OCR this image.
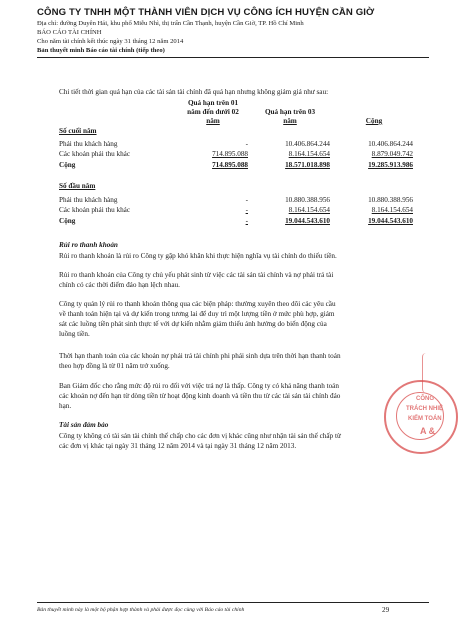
CÔNG TY TNHH MỘT THÀNH VIÊN DỊCH VỤ CÔNG ÍCH HUYỆN CẦN GIỜ
Địa chỉ: đường Duyên Hải, khu phố Miễu Nhì, thị trấn Cần Thạnh, huyện Cần Giờ, TP. Hồ Chí Minh
BÁO CÁO TÀI CHÍNH
Cho năm tài chính kết thúc ngày 31 tháng 12 năm 2014
Bản thuyết minh Báo cáo tài chính (tiếp theo)
Chi tiết thời gian quá hạn của các tài sản tài chính đã quá hạn nhưng không giảm giá như sau:
Quá hạn trên 01
năm đến dưới 02
năm
Quá hạn trên 03
năm	Cộng
Số cuối năm
Phải thu khách hàng	-	10.406.864.244	10.406.864.244
Các khoản phải thu khác	714.895.088	8.164.154.654	8.879.049.742
Cộng	714.895.088	18.571.018.898	19.285.913.986
Số đầu năm
Phải thu khách hàng	-	10.880.388.956	10.880.388.956
Các khoản phải thu khác	-	8.164.154.654	8.164.154.654
Cộng	-	19.044.543.610	19.044.543.610
Rủi ro thanh khoản
Rủi ro thanh khoản là rủi ro Công ty gặp khó khăn khi thực hiện nghĩa vụ tài chính do thiếu tiền.
Rủi ro thanh khoản của Công ty chủ yếu phát sinh từ việc các tài sản tài chính và nợ phải trả tài
chính có các thời điểm đáo hạn lệch nhau.
Công ty quản lý rủi ro thanh khoản thông qua các biện pháp: thường xuyên theo dõi các yêu cầu
về thanh toán hiện tại và dự kiến trong tương lai để duy trì một lượng tiền ở mức phù hợp, giám
sát các luồng tiền phát sinh thực tế với dự kiến nhằm giảm thiểu ảnh hưởng do biến động của
luồng tiền.
Thời hạn thanh toán của các khoản nợ phải trả tài chính phi phái sinh dựa trên thời hạn thanh toán
theo hợp đồng là từ 01 năm trở xuống.
Ban Giám đốc cho rằng mức độ rủi ro đối với việc trả nợ là thấp. Công ty có khả năng thanh toán
các khoản nợ đến hạn từ dòng tiền từ hoạt động kinh doanh và tiền thu từ các tài sản tài chính đáo
hạn.
Tài sản đảm bảo
Công ty không có tài sản tài chính thế chấp cho các đơn vị khác cũng như nhận tài sản thế chấp từ
các đơn vị khác tại ngày 31 tháng 12 năm 2014 và tại ngày 31 tháng 12 năm 2013.
CÔNG
TRÁCH NHIỆ
KIỂM TOÁN
A &
Bản thuyết minh này là một bộ phận hợp thành và phải được đọc cùng với Báo cáo tài chính	29
